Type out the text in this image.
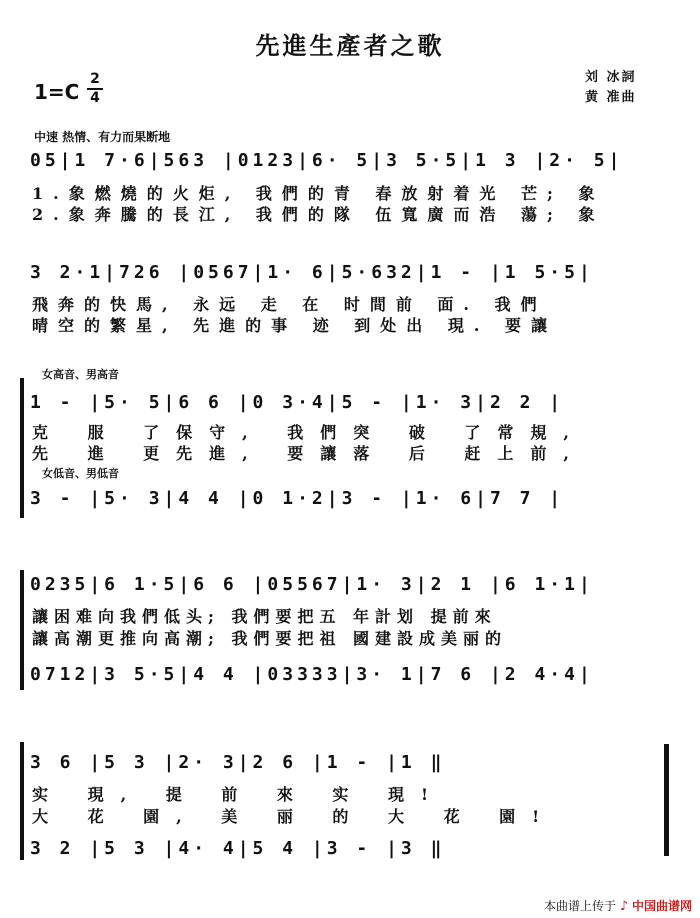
先進生產者之歌
1=C
2
4
刘 冰詞
黄 准曲
中速 热情、有力而果断地
05|1 7·6|563 |0123|6· 5|3 5·5|1 3 |2· 5|
1.象燃燒的火炬, 我們的青 春放射着光 芒; 象
2.象奔騰的長江, 我們的隊 伍寬廣而浩 蕩; 象
3 2·1|726 |0567|1· 6|5·632|1 - |1 5·5|
飛奔的快馬, 永远 走 在 时間前 面. 我們
晴空的繁星, 先進的事 迹 到处出 現. 要讓
女高音、男高音
1 - |5· 5|6 6 |0 3·4|5 - |1· 3|2 2 |
克 服 了保守, 我們突 破 了常規,
先 進 更先進, 要讓落 后 赶上前,
女低音、男低音
3 - |5· 3|4 4 |0 1·2|3 - |1· 6|7 7 |
0235|6 1·5|6 6 |05567|1· 3|2 1 |6 1·1|
讓困难向我們低头; 我們要把五 年計划 提前來
讓高潮更推向高潮; 我們要把祖 國建設成美丽的
0712|3 5·5|4 4 |03333|3· 1|7 6 |2 4·4|
3 6 |5 3 |2· 3|2 6 |1 - |1 ‖
实 現, 提 前 來 实 現!
大 花 園, 美 丽 的 大 花 園!
3 2 |5 3 |4· 4|5 4 |3 - |3 ‖
本曲谱上传于 ♪ 中国曲谱网
